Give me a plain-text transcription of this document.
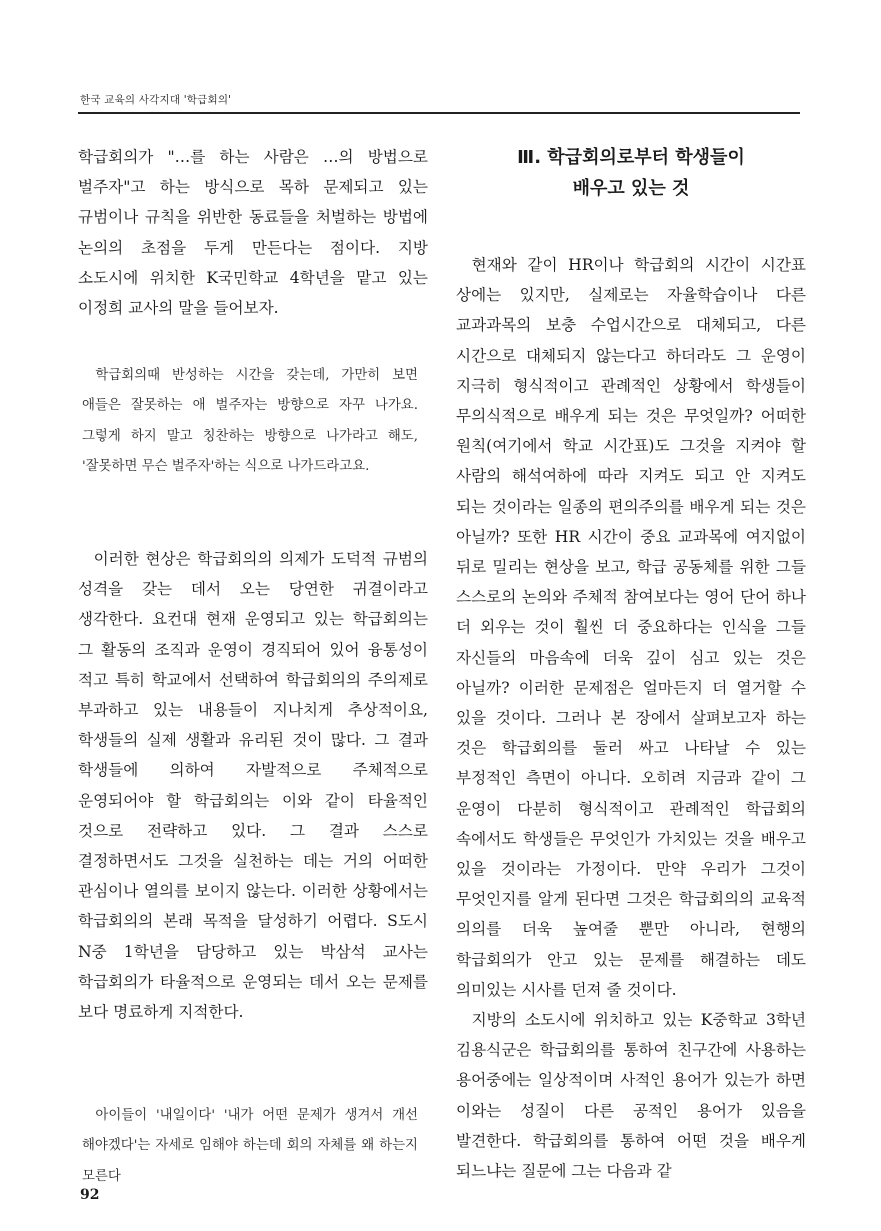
한국 교육의 사각지대 '학급회의'

학급회의가 "…를 하는 사람은 …의 방법으로 벌주자"고 하는 방식으로 목하 문제되고 있는 규범이나 규칙을 위반한 동료들을 처벌하는 방법에 논의의 초점을 두게 만든다는 점이다. 지방 소도시에 위치한 K국민학교 4학년을 맡고 있는 이정희 교사의 말을 들어보자.

학급회의때 반성하는 시간을 갖는데, 가만히 보면 애들은 잘못하는 애 벌주자는 방향으로 자꾸 나가요. 그렇게 하지 말고 칭찬하는 방향으로 나가라고 해도, '잘못하면 무슨 벌주자'하는 식으로 나가드라고요.

이러한 현상은 학급회의의 의제가 도덕적 규범의 성격을 갖는 데서 오는 당연한 귀결이라고 생각한다. 요컨대 현재 운영되고 있는 학급회의는 그 활동의 조직과 운영이 경직되어 있어 융통성이 적고 특히 학교에서 선택하여 학급회의의 주의제로 부과하고 있는 내용들이 지나치게 추상적이요, 학생들의 실제 생활과 유리된 것이 많다. 그 결과 학생들에 의하여 자발적으로 주체적으로 운영되어야 할 학급회의는 이와 같이 타율적인 것으로 전략하고 있다. 그 결과 스스로 결정하면서도 그것을 실천하는 데는 거의 어떠한 관심이나 열의를 보이지 않는다. 이러한 상황에서는 학급회의의 본래 목적을 달성하기 어렵다. S도시 N중 1학년을 담당하고 있는 박삼석 교사는 학급회의가 타율적으로 운영되는 데서 오는 문제를 보다 명료하게 지적한다.

아이들이 '내일이다' '내가 어떤 문제가 생겨서 개선 해야겠다'는 자세로 임해야 하는데 회의 자체를 왜 하는지 모른다

Ⅲ. 학급회의로부터 학생들이
배우고 있는 것

현재와 같이 HR이나 학급회의 시간이 시간표 상에는 있지만, 실제로는 자율학습이나 다른 교과과목의 보충 수업시간으로 대체되고, 다른 시간으로 대체되지 않는다고 하더라도 그 운영이 지극히 형식적이고 관례적인 상황에서 학생들이 무의식적으로 배우게 되는 것은 무엇일까? 어떠한 원칙(여기에서 학교 시간표)도 그것을 지켜야 할 사람의 해석여하에 따라 지켜도 되고 안 지켜도 되는 것이라는 일종의 편의주의를 배우게 되는 것은 아닐까? 또한 HR 시간이 중요 교과목에 여지없이 뒤로 밀리는 현상을 보고, 학급 공동체를 위한 그들 스스로의 논의와 주체적 참여보다는 영어 단어 하나 더 외우는 것이 훨씬 더 중요하다는 인식을 그들 자신들의 마음속에 더욱 깊이 심고 있는 것은 아닐까? 이러한 문제점은 얼마든지 더 열거할 수 있을 것이다. 그러나 본 장에서 살펴보고자 하는 것은 학급회의를 둘러 싸고 나타날 수 있는 부정적인 측면이 아니다. 오히려 지금과 같이 그 운영이 다분히 형식적이고 관례적인 학급회의 속에서도 학생들은 무엇인가 가치있는 것을 배우고 있을 것이라는 가정이다. 만약 우리가 그것이 무엇인지를 알게 된다면 그것은 학급회의의 교육적 의의를 더욱 높여줄 뿐만 아니라, 현행의 학급회의가 안고 있는 문제를 해결하는 데도 의미있는 시사를 던져 줄 것이다.

지방의 소도시에 위치하고 있는 K중학교 3학년 김용식군은 학급회의를 통하여 친구간에 사용하는 용어중에는 일상적이며 사적인 용어가 있는가 하면 이와는 성질이 다른 공적인 용어가 있음을 발견한다. 학급회의를 통하여 어떤 것을 배우게 되느냐는 질문에 그는 다음과 같

92
